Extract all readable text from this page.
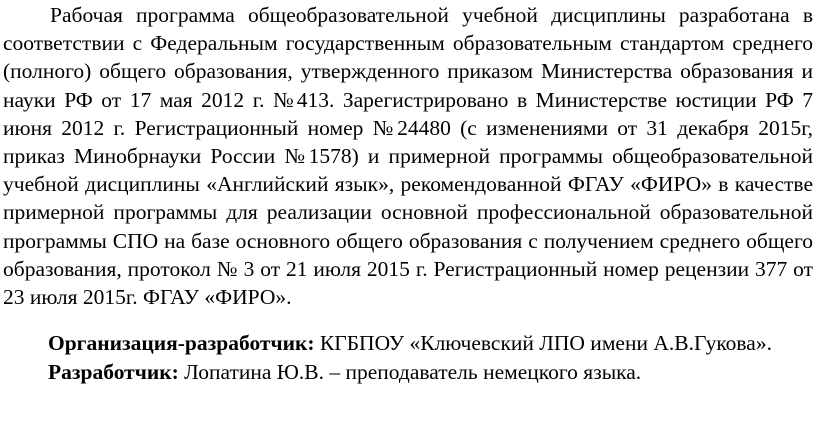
Рабочая программа общеобразовательной учебной дисциплины разработана в соответствии с Федеральным государственным образовательным стандартом среднего (полного) общего образования, утвержденного приказом Министерства образования и науки РФ от 17 мая 2012 г. №413. Зарегистрировано в Министерстве юстиции РФ 7 июня 2012 г. Регистрационный номер №24480 (с изменениями от 31 декабря 2015г, приказ Минобрнауки России №1578) и примерной программы общеобразовательной учебной дисциплины «Английский язык», рекомендованной ФГАУ «ФИРО» в качестве примерной программы для реализации основной профессиональной образовательной программы СПО на базе основного общего образования с получением среднего общего образования, протокол № 3 от 21 июля 2015 г. Регистрационный номер рецензии 377 от 23 июля 2015г. ФГАУ «ФИРО».

Организация-разработчик: КГБПОУ «Ключевский ЛПО имени А.В.Гукова».
Разработчик: Лопатина Ю.В. – преподаватель немецкого языка.
